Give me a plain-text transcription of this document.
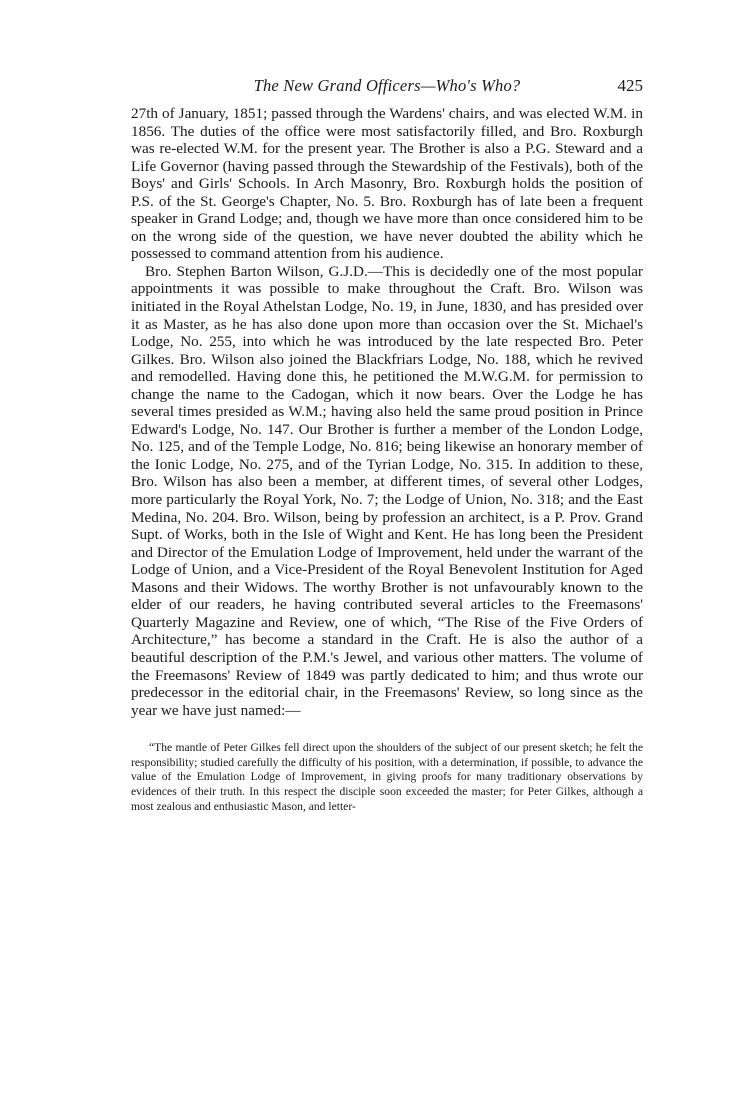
The New Grand Officers—Who's Who?	425

27th of January, 1851; passed through the Wardens' chairs, and was elected W.M. in 1856. The duties of the office were most satisfactorily filled, and Bro. Roxburgh was re-elected W.M. for the present year. The Brother is also a P.G. Steward and a Life Governor (having passed through the Stewardship of the Festivals), both of the Boys' and Girls' Schools. In Arch Masonry, Bro. Roxburgh holds the position of P.S. of the St. George's Chapter, No. 5. Bro. Roxburgh has of late been a frequent speaker in Grand Lodge; and, though we have more than once considered him to be on the wrong side of the question, we have never doubted the ability which he possessed to command attention from his audience.

Bro. Stephen Barton Wilson, G.J.D.—This is decidedly one of the most popular appointments it was possible to make throughout the Craft. Bro. Wilson was initiated in the Royal Athelstan Lodge, No. 19, in June, 1830, and has presided over it as Master, as he has also done upon more than occasion over the St. Michael's Lodge, No. 255, into which he was introduced by the late respected Bro. Peter Gilkes. Bro. Wilson also joined the Blackfriars Lodge, No. 188, which he revived and remodelled. Having done this, he petitioned the M.W.G.M. for permission to change the name to the Cadogan, which it now bears. Over the Lodge he has several times presided as W.M.; having also held the same proud position in Prince Edward's Lodge, No. 147. Our Brother is further a member of the London Lodge, No. 125, and of the Temple Lodge, No. 816; being likewise an honorary member of the Ionic Lodge, No. 275, and of the Tyrian Lodge, No. 315. In addition to these, Bro. Wilson has also been a member, at different times, of several other Lodges, more particularly the Royal York, No. 7; the Lodge of Union, No. 318; and the East Medina, No. 204. Bro. Wilson, being by profession an architect, is a P. Prov. Grand Supt. of Works, both in the Isle of Wight and Kent. He has long been the President and Director of the Emulation Lodge of Improvement, held under the warrant of the Lodge of Union, and a Vice-President of the Royal Benevolent Institution for Aged Masons and their Widows. The worthy Brother is not unfavourably known to the elder of our readers, he having contributed several articles to the Freemasons' Quarterly Magazine and Review, one of which, “The Rise of the Five Orders of Architecture,” has become a standard in the Craft. He is also the author of a beautiful description of the P.M.'s Jewel, and various other matters. The volume of the Freemasons' Review of 1849 was partly dedicated to him; and thus wrote our predecessor in the editorial chair, in the Freemasons' Review, so long since as the year we have just named:—

“The mantle of Peter Gilkes fell direct upon the shoulders of the subject of our present sketch; he felt the responsibility; studied carefully the difficulty of his position, with a determination, if possible, to advance the value of the Emulation Lodge of Improvement, in giving proofs for many traditionary observations by evidences of their truth. In this respect the disciple soon exceeded the master; for Peter Gilkes, although a most zealous and enthusiastic Mason, and letter-
